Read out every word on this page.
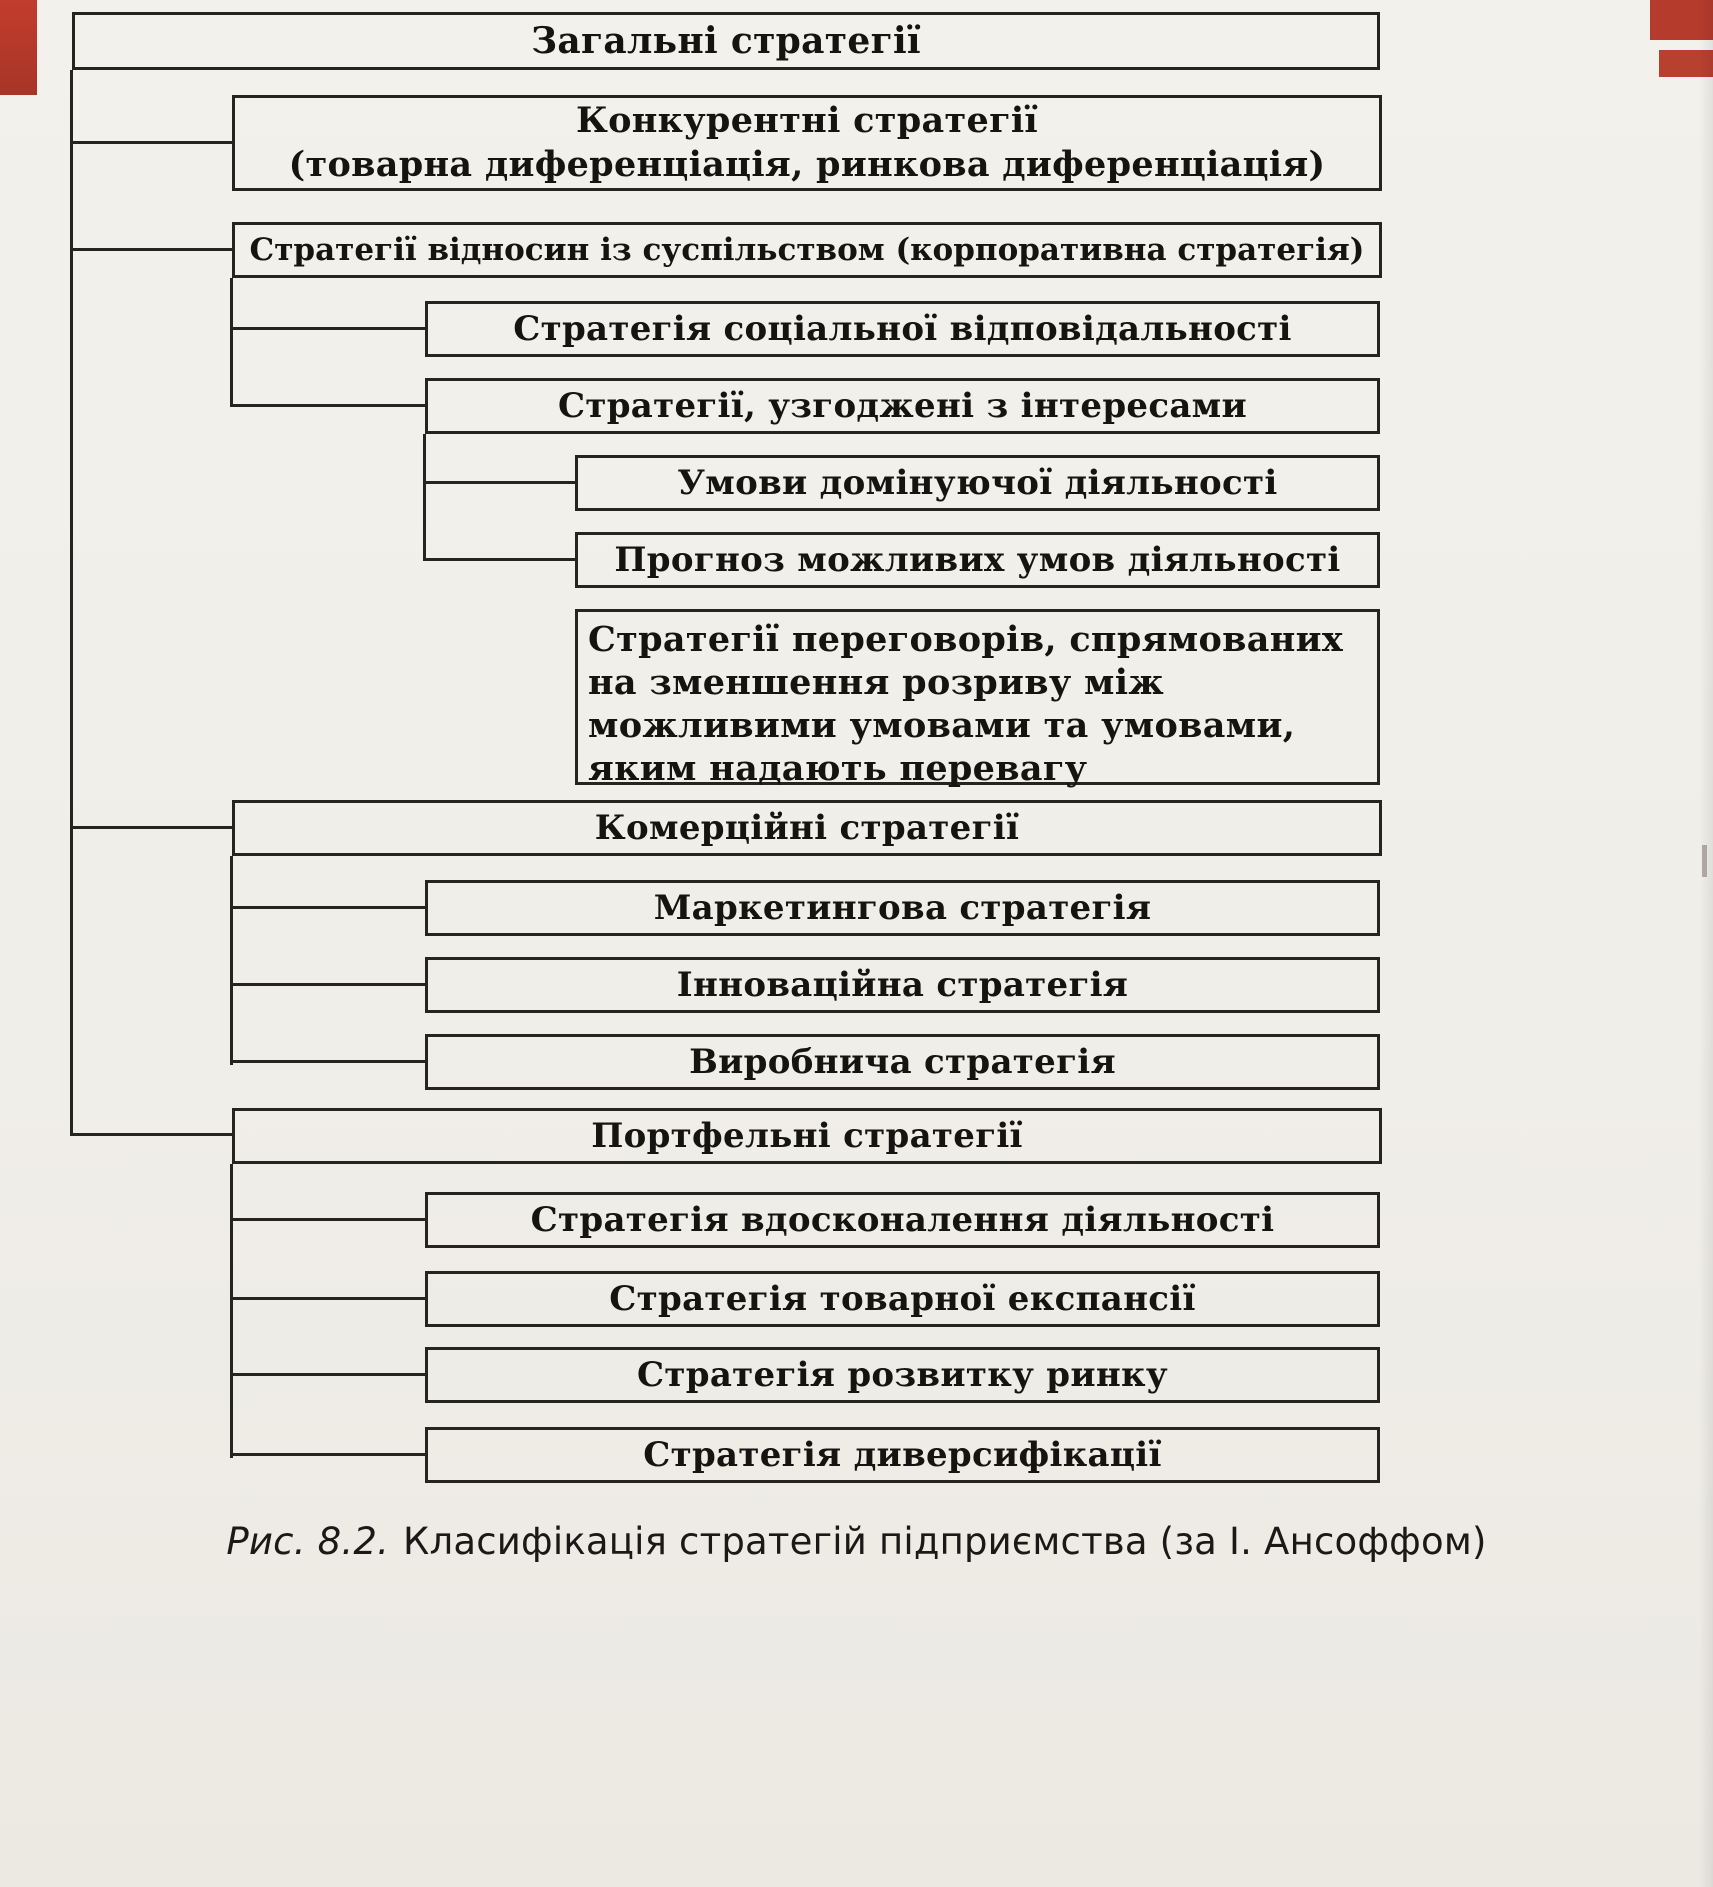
Загальні стратегії
Конкурентні стратегії
(товарна диференціація, ринкова диференціація)
Стратегії відносин із суспільством (корпоративна стратегія)
Стратегія соціальної відповідальності
Стратегії, узгоджені з інтересами
Умови домінуючої діяльності
Прогноз можливих умов діяльності
Стратегії переговорів, спрямованих на зменшення розриву між можливими умовами та умовами, яким надають перевагу
Комерційні стратегії
Маркетингова стратегія
Інноваційна стратегія
Виробнича стратегія
Портфельні стратегії
Стратегія вдосконалення діяльності
Стратегія товарної експансії
Стратегія розвитку ринку
Стратегія диверсифікації
Рис. 8.2. Класифікація стратегій підприємства (за І. Ансоффом)
